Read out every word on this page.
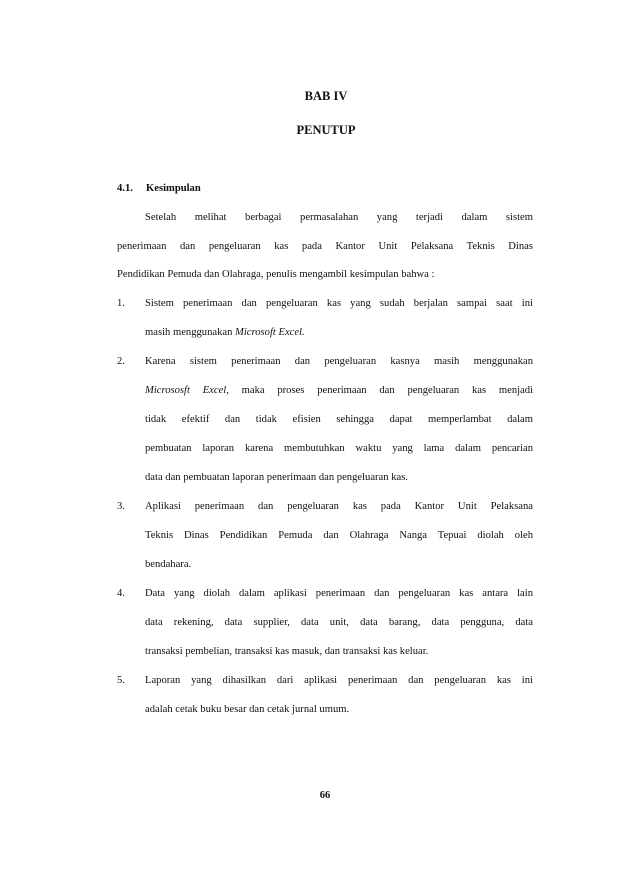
BAB IV
PENUTUP
4.1. Kesimpulan
Setelah melihat berbagai permasalahan yang terjadi dalam sistem
penerimaan dan pengeluaran kas pada Kantor Unit Pelaksana Teknis Dinas
Pendidikan Pemuda dan Olahraga, penulis mengambil kesimpulan bahwa :
1. Sistem penerimaan dan pengeluaran kas yang sudah berjalan sampai saat ini
masih menggunakan Microsoft Excel.
2. Karena sistem penerimaan dan pengeluaran kasnya masih menggunakan
Micrososft Excel, maka proses penerimaan dan pengeluaran kas menjadi
tidak efektif dan tidak efisien sehingga dapat memperlambat dalam
pembuatan laporan karena membutuhkan waktu yang lama dalam pencarian
data dan pembuatan laporan penerimaan dan pengeluaran kas.
3. Aplikasi penerimaan dan pengeluaran kas pada Kantor Unit Pelaksana
Teknis Dinas Pendidikan Pemuda dan Olahraga Nanga Tepuai diolah oleh
bendahara.
4. Data yang diolah dalam aplikasi penerimaan dan pengeluaran kas antara lain
data rekening, data supplier, data unit, data barang, data pengguna, data
transaksi pembelian, transaksi kas masuk, dan transaksi kas keluar.
5. Laporan yang dihasilkan dari aplikasi penerimaan dan pengeluaran kas ini
adalah cetak buku besar dan cetak jurnal umum.
66
